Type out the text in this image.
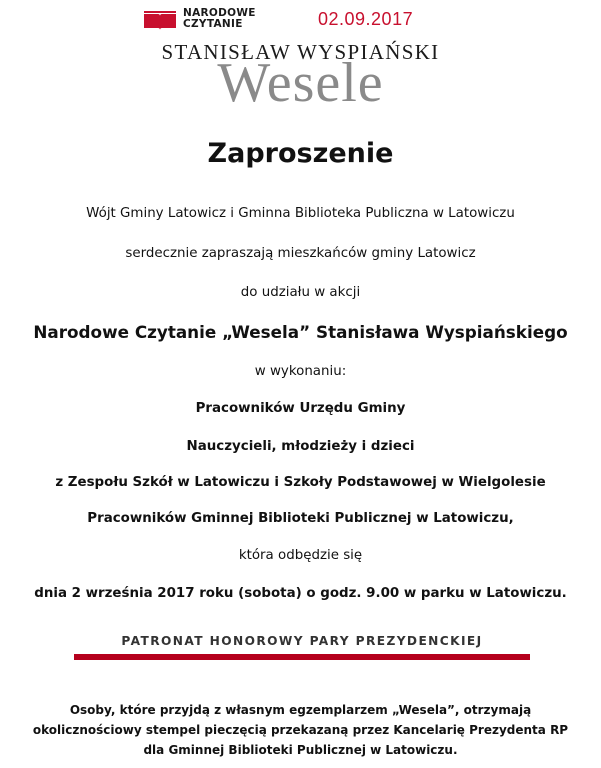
NARODOWE
CZYTANIE	02.09.2017
STANISŁAW WYSPIAŃSKI
Wesele
Zaproszenie
Wójt Gminy Latowicz i Gminna Biblioteka Publiczna w Latowiczu
serdecznie zapraszają mieszkańców gminy Latowicz
do udziału w akcji
Narodowe Czytanie „Wesela” Stanisława Wyspiańskiego
w wykonaniu:
Pracowników Urzędu Gminy
Nauczycieli, młodzieży i dzieci
z Zespołu Szkół w Latowiczu i Szkoły Podstawowej w Wielgolesie
Pracowników Gminnej Biblioteki Publicznej w Latowiczu,
która odbędzie się
dnia 2 września 2017 roku (sobota) o godz. 9.00 w parku w Latowiczu.
PATRONAT HONOROWY PARY PREZYDENCKIEJ
Osoby, które przyjdą z własnym egzemplarzem „Wesela”, otrzymają
okolicznościowy stempel pieczęcią przekazaną przez Kancelarię Prezydenta RP
dla Gminnej Biblioteki Publicznej w Latowiczu.
